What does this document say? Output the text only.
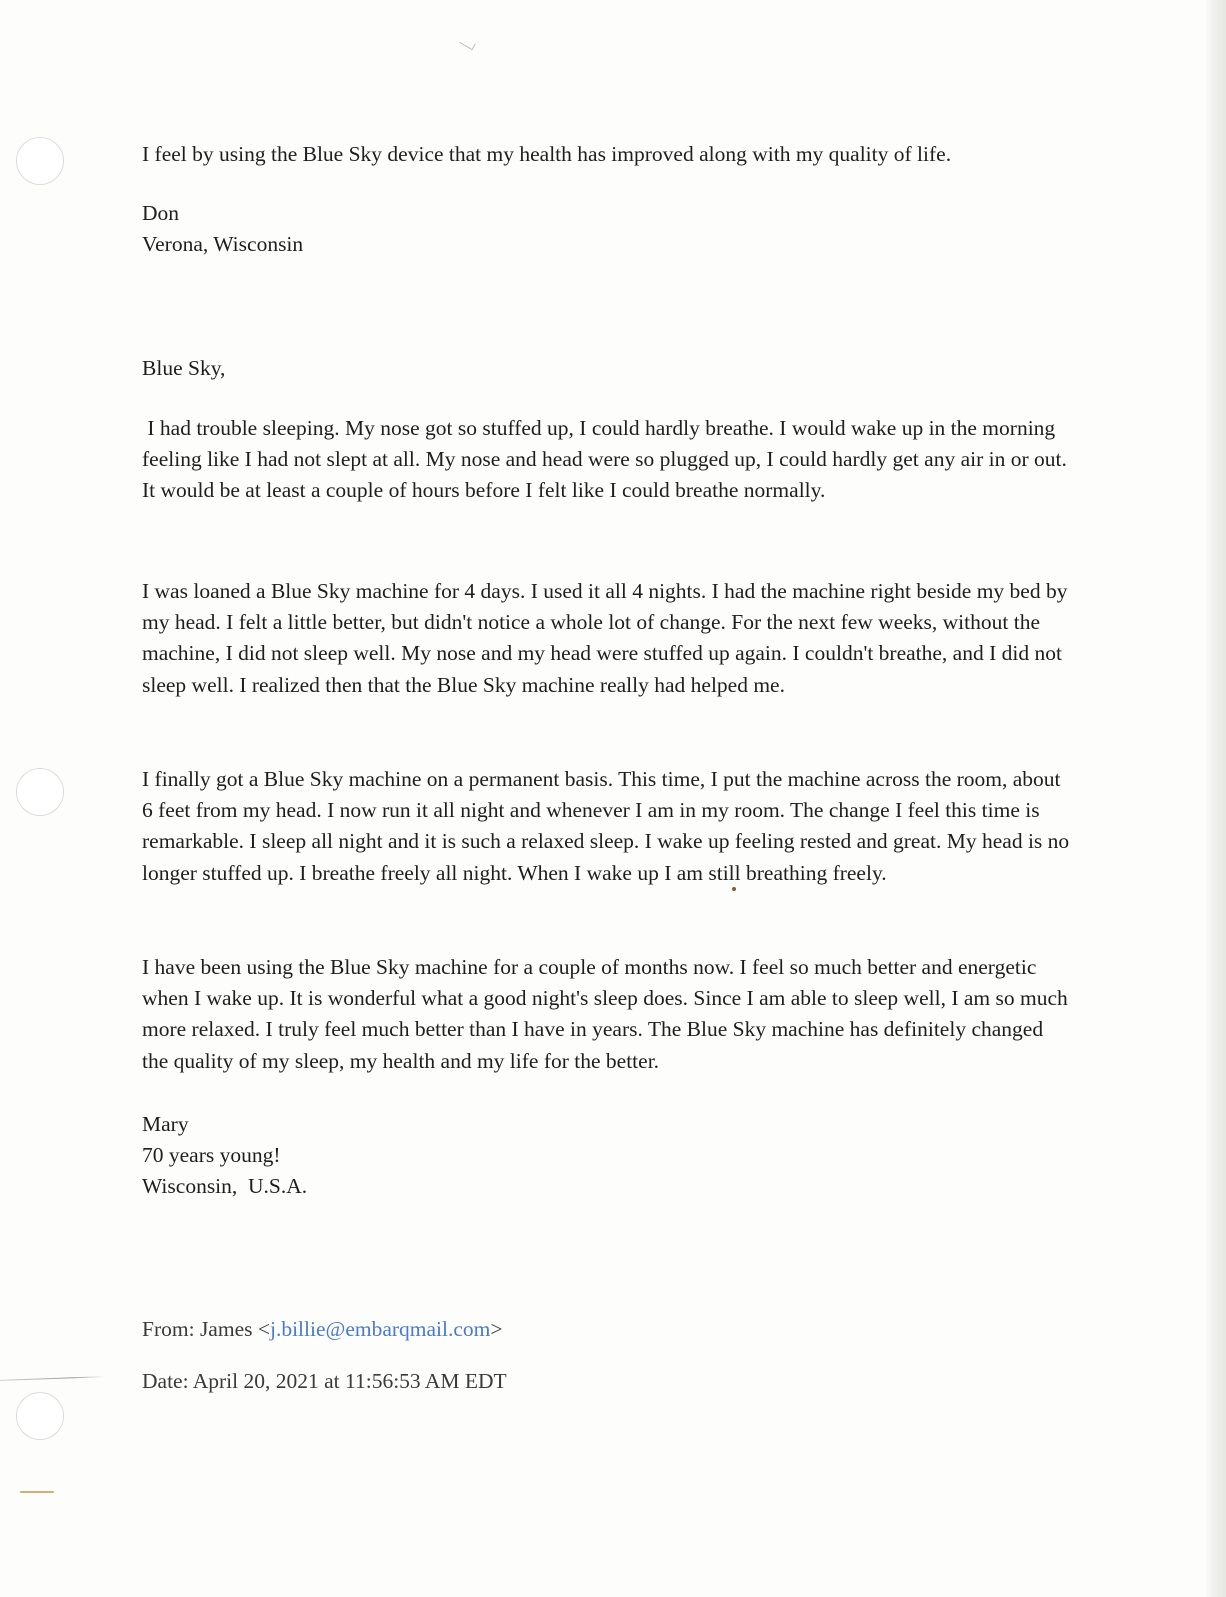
I feel by using the Blue Sky device that my health has improved along with my quality of life.

Don

Verona, Wisconsin

Blue Sky,

I had trouble sleeping. My nose got so stuffed up, I could hardly breathe. I would wake up in the morning feeling like I had not slept at all. My nose and head were so plugged up, I could hardly get any air in or out. It would be at least a couple of hours before I felt like I could breathe normally.

I was loaned a Blue Sky machine for 4 days. I used it all 4 nights. I had the machine right beside my bed by my head. I felt a little better, but didn't notice a whole lot of change. For the next few weeks, without the machine, I did not sleep well. My nose and my head were stuffed up again. I couldn't breathe, and I did not sleep well. I realized then that the Blue Sky machine really had helped me.

I finally got a Blue Sky machine on a permanent basis. This time, I put the machine across the room, about 6 feet from my head. I now run it all night and whenever I am in my room. The change I feel this time is remarkable. I sleep all night and it is such a relaxed sleep. I wake up feeling rested and great. My head is no longer stuffed up. I breathe freely all night. When I wake up I am still breathing freely.

I have been using the Blue Sky machine for a couple of months now. I feel so much better and energetic when I wake up. It is wonderful what a good night's sleep does. Since I am able to sleep well, I am so much more relaxed. I truly feel much better than I have in years. The Blue Sky machine has definitely changed the quality of my sleep, my health and my life for the better.

Mary

70 years young!

Wisconsin,  U.S.A.

From: James <j.billie@embarqmail.com>
Date: April 20, 2021 at 11:56:53 AM EDT
